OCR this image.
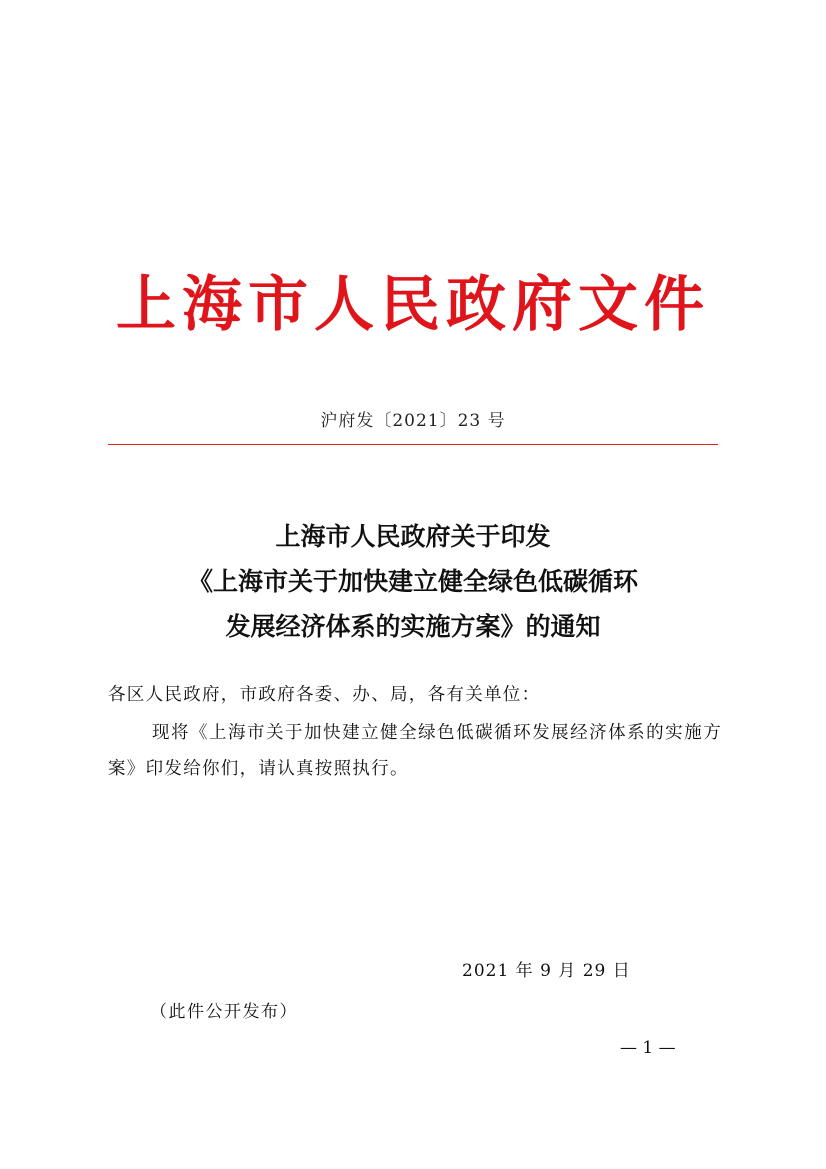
上海市人民政府文件
沪府发〔2021〕23 号
上海市人民政府关于印发
《上海市关于加快建立健全绿色低碳循环
发展经济体系的实施方案》的通知
各区人民政府，市政府各委、办、局，各有关单位：
现将《上海市关于加快建立健全绿色低碳循环发展经济体系的实施方案》印发给你们，请认真按照执行。
2021 年 9 月 29 日
（此件公开发布）
— 1 —
